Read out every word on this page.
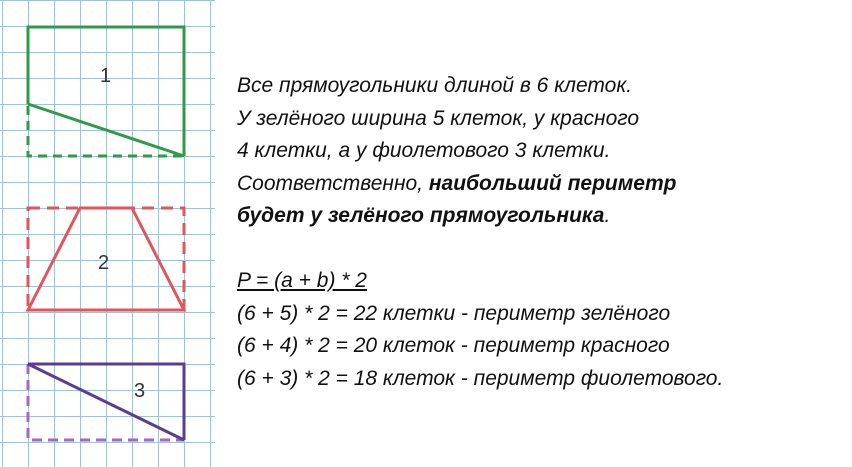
1
2
3
Все прямоугольники длиной в 6 клеток.
У зелёного ширина 5 клеток, у красного
4 клетки, а у фиолетового 3 клетки.
Соответственно, наибольший периметр
будет у зелёного прямоугольника.
P = (a + b) * 2
(6 + 5) * 2 = 22 клетки - периметр зелёного
(6 + 4) * 2 = 20 клеток - периметр красного
(6 + 3) * 2 = 18 клеток - периметр фиолетового.
